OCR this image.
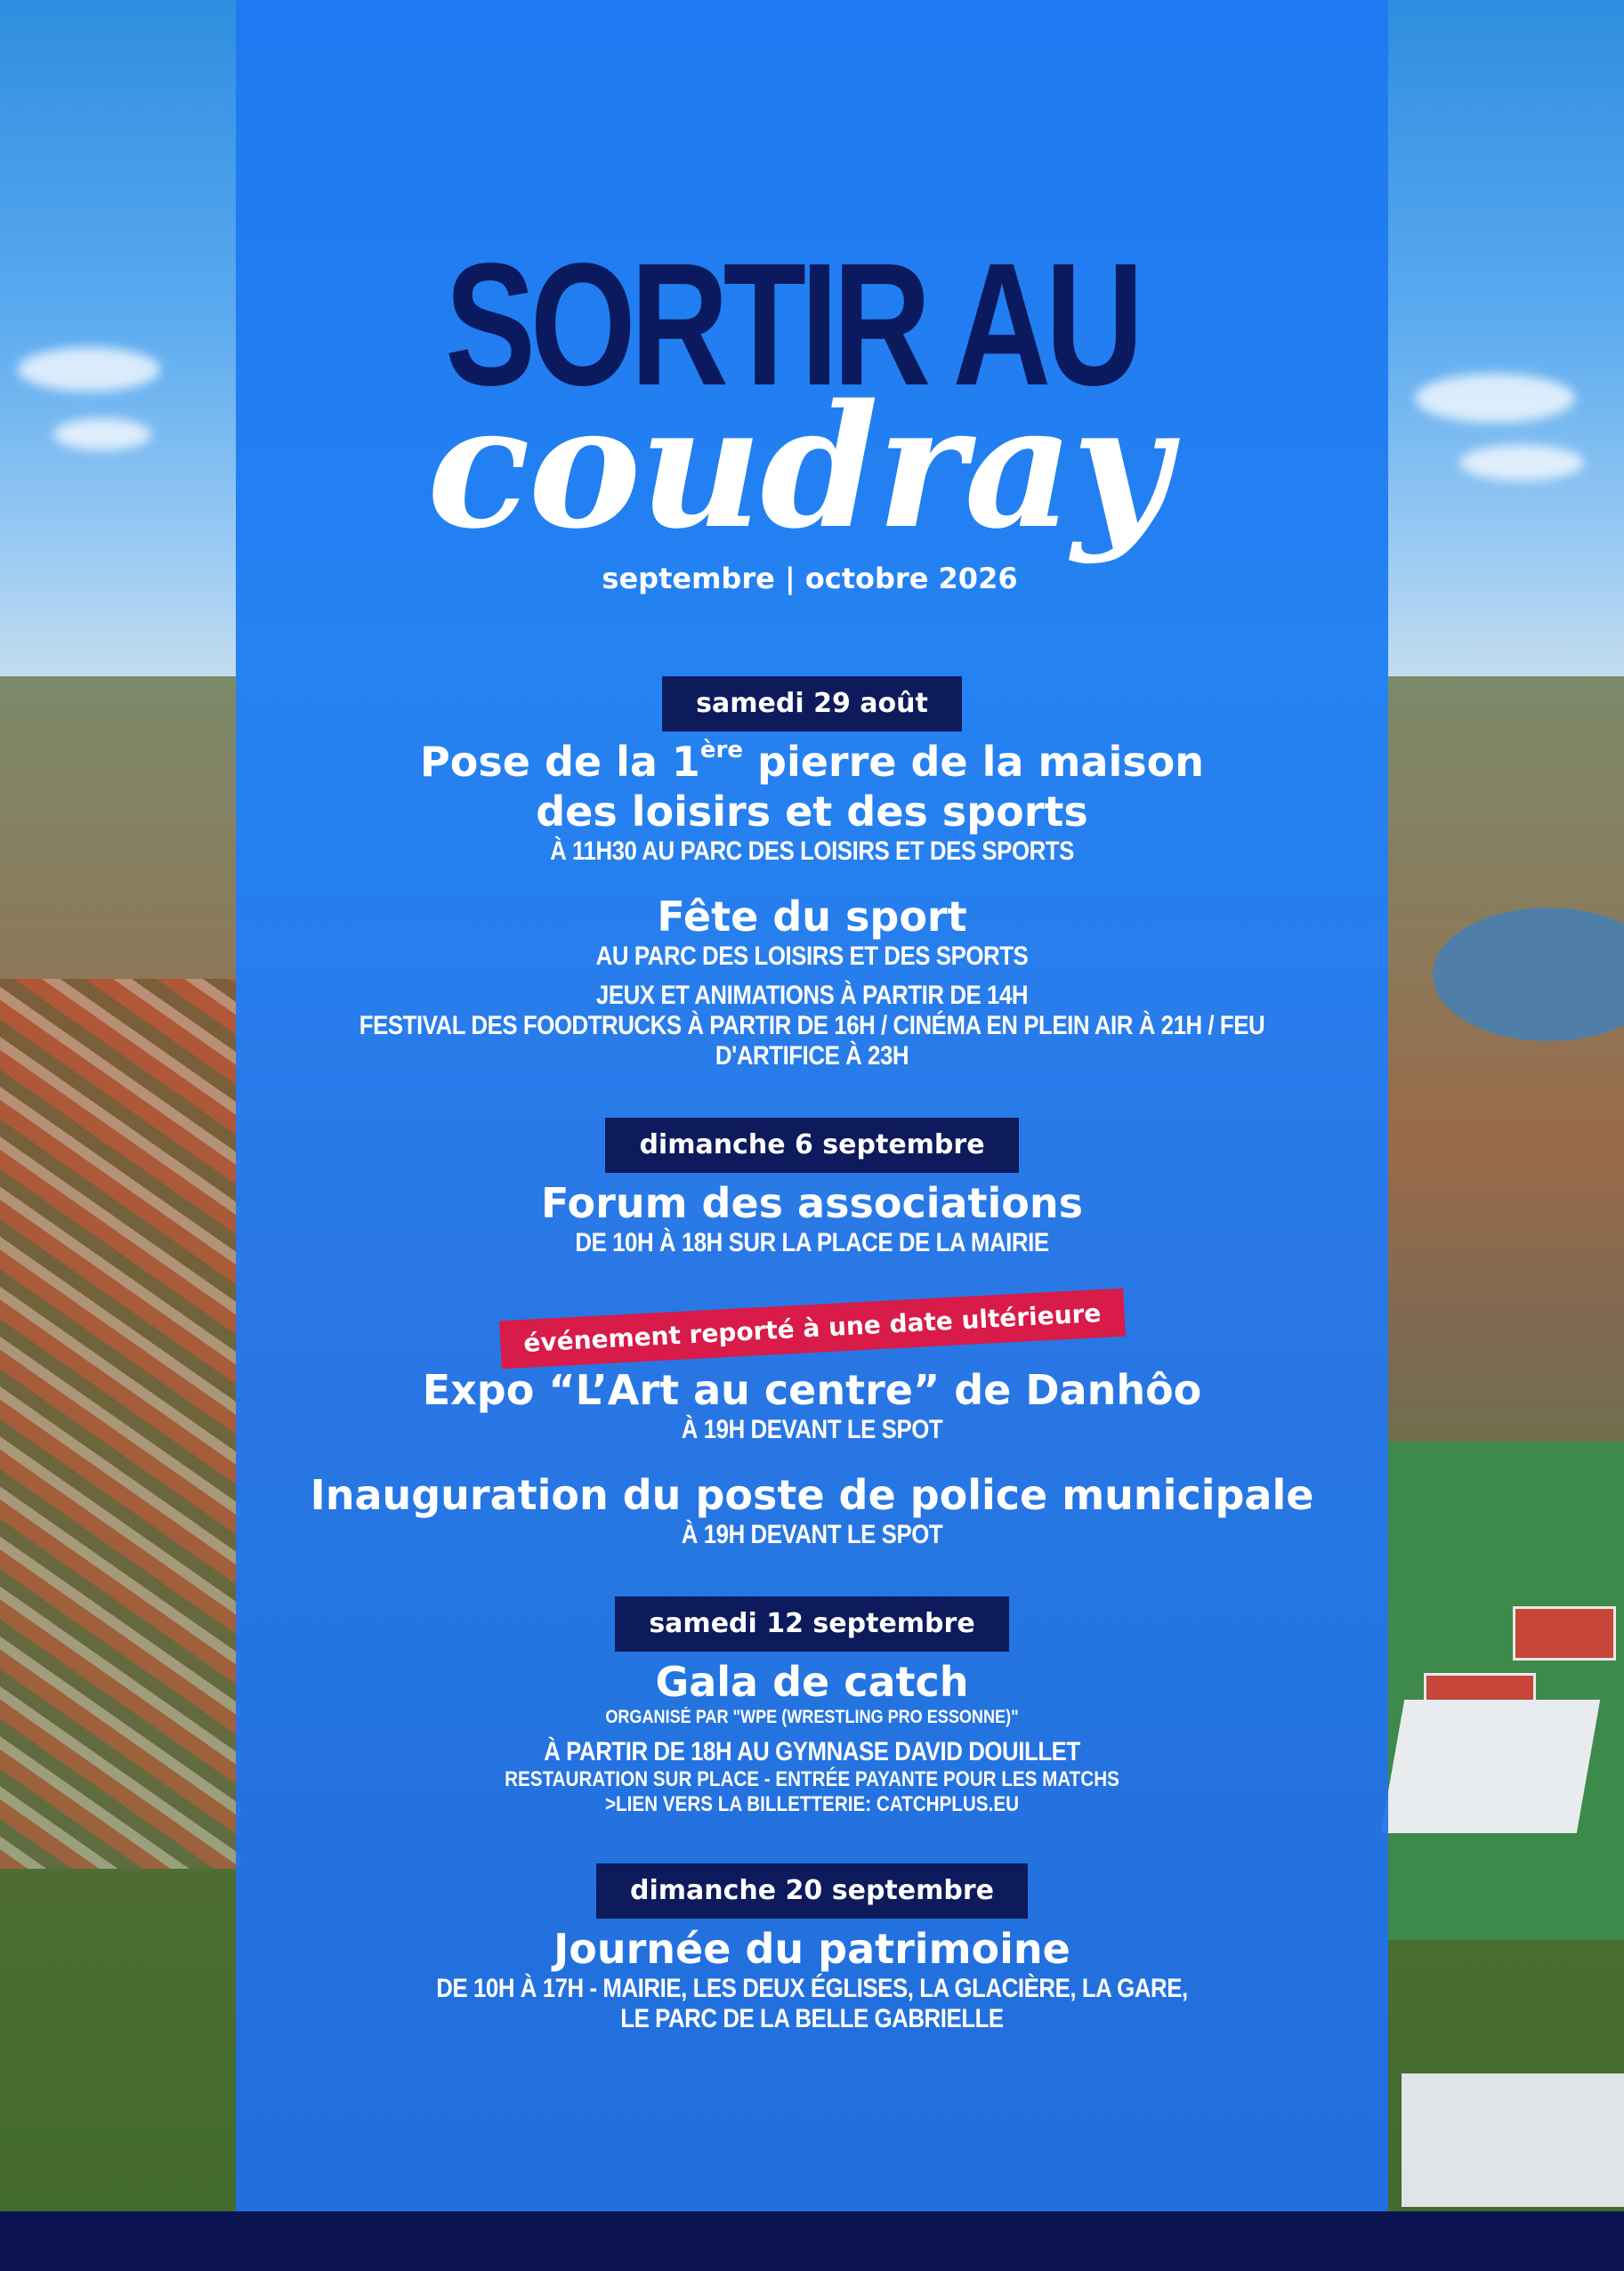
SORTIR AU
coudray
septembre | octobre 2026
samedi 29 août
Pose de la 1ère pierre de la maison
des loisirs et des sports
À 11H30 AU PARC DES LOISIRS ET DES SPORTS
Fête du sport
AU PARC DES LOISIRS ET DES SPORTS
JEUX ET ANIMATIONS À PARTIR DE 14H
FESTIVAL DES FOODTRUCKS À PARTIR DE 16H / CINÉMA EN PLEIN AIR À 21H / FEU D'ARTIFICE À 23H
dimanche 6 septembre
Forum des associations
DE 10H À 18H SUR LA PLACE DE LA MAIRIE
événement reporté à une date ultérieure
Expo “L’Art au centre” de Danhôo
À 19H DEVANT LE SPOT
Inauguration du poste de police municipale
À 19H DEVANT LE SPOT
samedi 12 septembre
Gala de catch
ORGANISÉ PAR "WPE (WRESTLING PRO ESSONNE)"
À PARTIR DE 18H AU GYMNASE DAVID DOUILLET
RESTAURATION SUR PLACE - ENTRÉE PAYANTE POUR LES MATCHS
>LIEN VERS LA BILLETTERIE: CATCHPLUS.EU
dimanche 20 septembre
Journée du patrimoine
DE 10H À 17H - MAIRIE, LES DEUX ÉGLISES, LA GLACIÈRE, LA GARE,
LE PARC DE LA BELLE GABRIELLE
